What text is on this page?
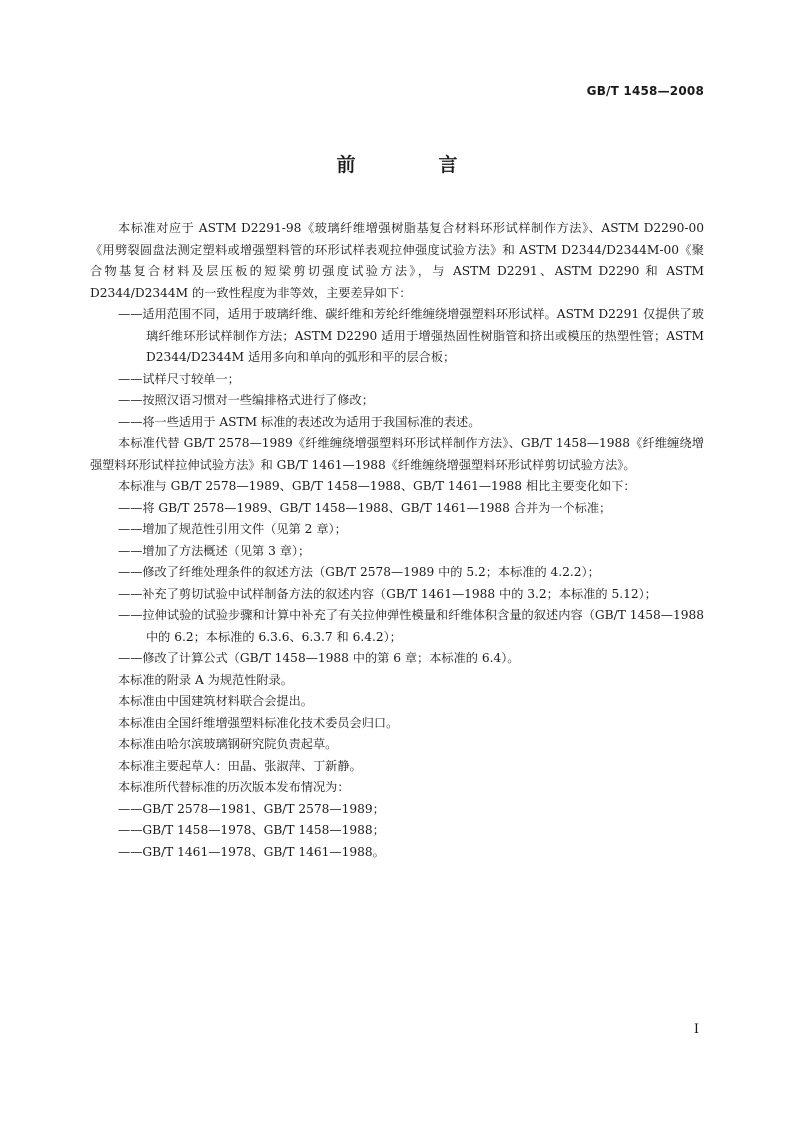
GB/T 1458—2008
前　言
本标准对应于 ASTM D2291-98《玻璃纤维增强树脂基复合材料环形试样制作方法》、ASTM D2290-00《用劈裂圆盘法测定塑料或增强塑料管的环形试样表观拉伸强度试验方法》和 ASTM D2344/D2344M-00《聚合物基复合材料及层压板的短梁剪切强度试验方法》，与 ASTM D2291、ASTM D2290 和 ASTM D2344/D2344M 的一致性程度为非等效，主要差异如下：
——适用范围不同，适用于玻璃纤维、碳纤维和芳纶纤维缠绕增强塑料环形试样。ASTM D2291 仅提供了玻璃纤维环形试样制作方法；ASTM D2290 适用于增强热固性树脂管和挤出或模压的热塑性管；ASTM D2344/D2344M 适用多向和单向的弧形和平的层合板；
——试样尺寸较单一；
——按照汉语习惯对一些编排格式进行了修改；
——将一些适用于 ASTM 标准的表述改为适用于我国标准的表述。
本标准代替 GB/T 2578—1989《纤维缠绕增强塑料环形试样制作方法》、GB/T 1458—1988《纤维缠绕增强塑料环形试样拉伸试验方法》和 GB/T 1461—1988《纤维缠绕增强塑料环形试样剪切试验方法》。
本标准与 GB/T 2578—1989、GB/T 1458—1988、GB/T 1461—1988 相比主要变化如下：
——将 GB/T 2578—1989、GB/T 1458—1988、GB/T 1461—1988 合并为一个标准；
——增加了规范性引用文件（见第 2 章）；
——增加了方法概述（见第 3 章）；
——修改了纤维处理条件的叙述方法（GB/T 2578—1989 中的 5.2；本标准的 4.2.2）；
——补充了剪切试验中试样制备方法的叙述内容（GB/T 1461—1988 中的 3.2；本标准的 5.12）；
——拉伸试验的试验步骤和计算中补充了有关拉伸弹性模量和纤维体积含量的叙述内容（GB/T 1458—1988 中的 6.2；本标准的 6.3.6、6.3.7 和 6.4.2）；
——修改了计算公式（GB/T 1458—1988 中的第 6 章；本标准的 6.4）。
本标准的附录 A 为规范性附录。
本标准由中国建筑材料联合会提出。
本标准由全国纤维增强塑料标准化技术委员会归口。
本标准由哈尔滨玻璃钢研究院负责起草。
本标准主要起草人：田晶、张淑萍、丁新静。
本标准所代替标准的历次版本发布情况为：
——GB/T 2578—1981、GB/T 2578—1989；
——GB/T 1458—1978、GB/T 1458—1988；
——GB/T 1461—1978、GB/T 1461—1988。
I
